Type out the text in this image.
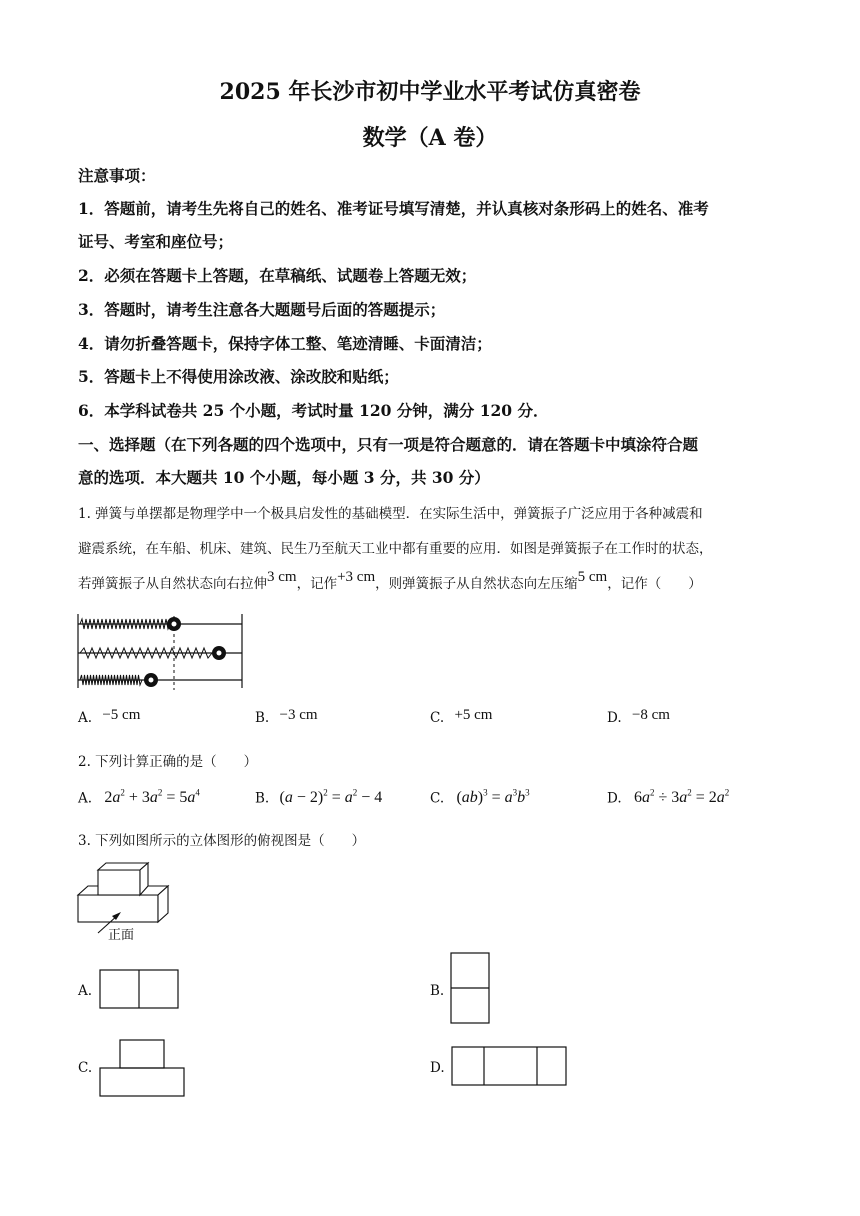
2025 年长沙市初中学业水平考试仿真密卷
数学（A 卷）
注意事项：
1．答题前，请考生先将自己的姓名、准考证号填写清楚，并认真核对条形码上的姓名、准考
证号、考室和座位号；
2．必须在答题卡上答题，在草稿纸、试题卷上答题无效；
3．答题时，请考生注意各大题题号后面的答题提示；
4．请勿折叠答题卡，保持字体工整、笔迹清睡、卡面清洁；
5．答题卡上不得使用涂改液、涂改胶和贴纸；
6．本学科试卷共 25 个小题，考试时量 120 分钟，满分 120 分．
一、选择题（在下列各题的四个选项中，只有一项是符合题意的．请在答题卡中填涂符合题
意的选项．本大题共 10 个小题，每小题 3 分，共 30 分）
1. 弹簧与单摆都是物理学中一个极具启发性的基础模型．在实际生活中，弹簧振子广泛应用于各种减震和
避震系统，在车船、机床、建筑、民生乃至航天工业中都有重要的应用．如图是弹簧振子在工作时的状态，
若弹簧振子从自然状态向右拉伸3 cm，记作+3 cm，则弹簧振子从自然状态向左压缩5 cm，记作（　　）
A. −5 cm	B. −3 cm	C. +5 cm	D. −8 cm
2. 下列计算正确的是（　　）
A. $2a^2 + 3a^2 = 5a^4$	B. $(a - 2)^2 = a^2 - 4$	C. $(ab)^3 = a^3b^3$	D. $6a^2 \div 3a^2 = 2a^2$
3. 下列如图所示的立体图形的俯视图是（　　）
正面
A.	B.
C.	D.
